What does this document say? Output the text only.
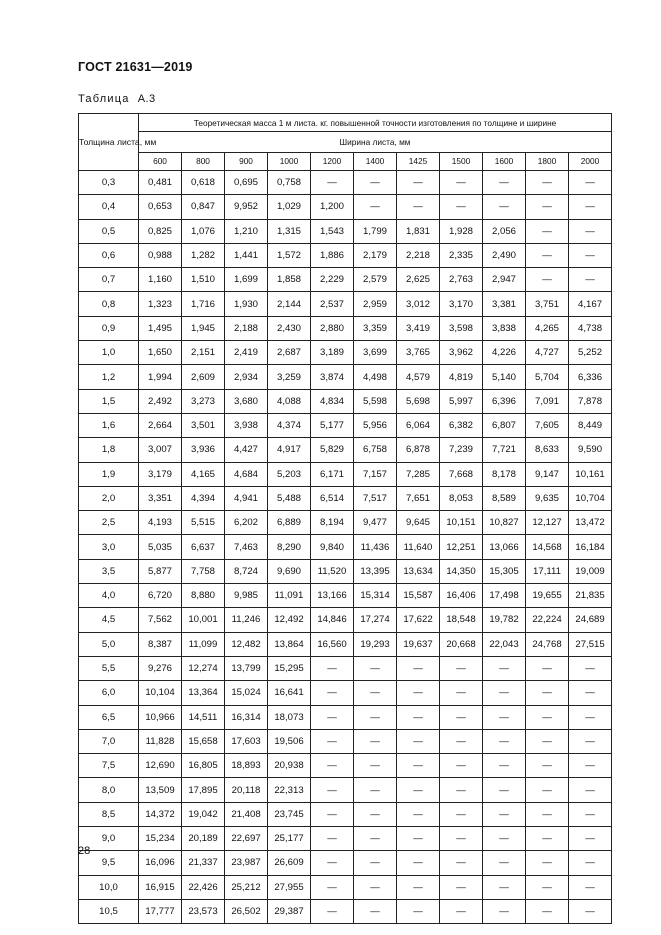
ГОСТ 21631—2019
Таблица А.3
Толщина листа, мм	Теоретическая масса 1 м листа. кг. повышенной точности изготовления по толщине и ширине										
	Ширина листа, мм										
	600	800	900	1000	1200	1400	1425	1500	1600	1800	2000
0,3	0,481	0,618	0,695	0,758	—	—	—	—	—	—	—
0,4	0,653	0,847	9,952	1,029	1,200	—	—	—	—	—	—
0,5	0,825	1,076	1,210	1,315	1,543	1,799	1,831	1,928	2,056	—	—
0,6	0,988	1,282	1,441	1,572	1,886	2,179	2,218	2,335	2,490	—	—
0,7	1,160	1,510	1,699	1,858	2,229	2,579	2,625	2,763	2,947	—	—
0,8	1,323	1,716	1,930	2,144	2,537	2,959	3,012	3,170	3,381	3,751	4,167
0,9	1,495	1,945	2,188	2,430	2,880	3,359	3,419	3,598	3,838	4,265	4,738
1,0	1,650	2,151	2,419	2,687	3,189	3,699	3,765	3,962	4,226	4,727	5,252
1,2	1,994	2,609	2,934	3,259	3,874	4,498	4,579	4,819	5,140	5,704	6,336
1,5	2,492	3,273	3,680	4,088	4,834	5,598	5,698	5,997	6,396	7,091	7,878
1,6	2,664	3,501	3,938	4,374	5,177	5,956	6,064	6,382	6,807	7,605	8,449
1,8	3,007	3,936	4,427	4,917	5,829	6,758	6,878	7,239	7,721	8,633	9,590
1,9	3,179	4,165	4,684	5,203	6,171	7,157	7,285	7,668	8,178	9,147	10,161
2,0	3,351	4,394	4,941	5,488	6,514	7,517	7,651	8,053	8,589	9,635	10,704
2,5	4,193	5,515	6,202	6,889	8,194	9,477	9,645	10,151	10,827	12,127	13,472
3,0	5,035	6,637	7,463	8,290	9,840	11,436	11,640	12,251	13,066	14,568	16,184
3,5	5,877	7,758	8,724	9,690	11,520	13,395	13,634	14,350	15,305	17,111	19,009
4,0	6,720	8,880	9,985	11,091	13,166	15,314	15,587	16,406	17,498	19,655	21,835
4,5	7,562	10,001	11,246	12,492	14,846	17,274	17,622	18,548	19,782	22,224	24,689
5,0	8,387	11,099	12,482	13,864	16,560	19,293	19,637	20,668	22,043	24,768	27,515
5,5	9,276	12,274	13,799	15,295	—	—	—	—	—	—	—
6,0	10,104	13,364	15,024	16,641	—	—	—	—	—	—	—
6,5	10,966	14,511	16,314	18,073	—	—	—	—	—	—	—
7,0	11,828	15,658	17,603	19,506	—	—	—	—	—	—	—
7,5	12,690	16,805	18,893	20,938	—	—	—	—	—	—	—
8,0	13,509	17,895	20,118	22,313	—	—	—	—	—	—	—
8,5	14,372	19,042	21,408	23,745	—	—	—	—	—	—	—
9,0	15,234	20,189	22,697	25,177	—	—	—	—	—	—	—
9,5	16,096	21,337	23,987	26,609	—	—	—	—	—	—	—
10,0	16,915	22,426	25,212	27,955	—	—	—	—	—	—	—
10,5	17,777	23,573	26,502	29,387	—	—	—	—	—	—	—
28
